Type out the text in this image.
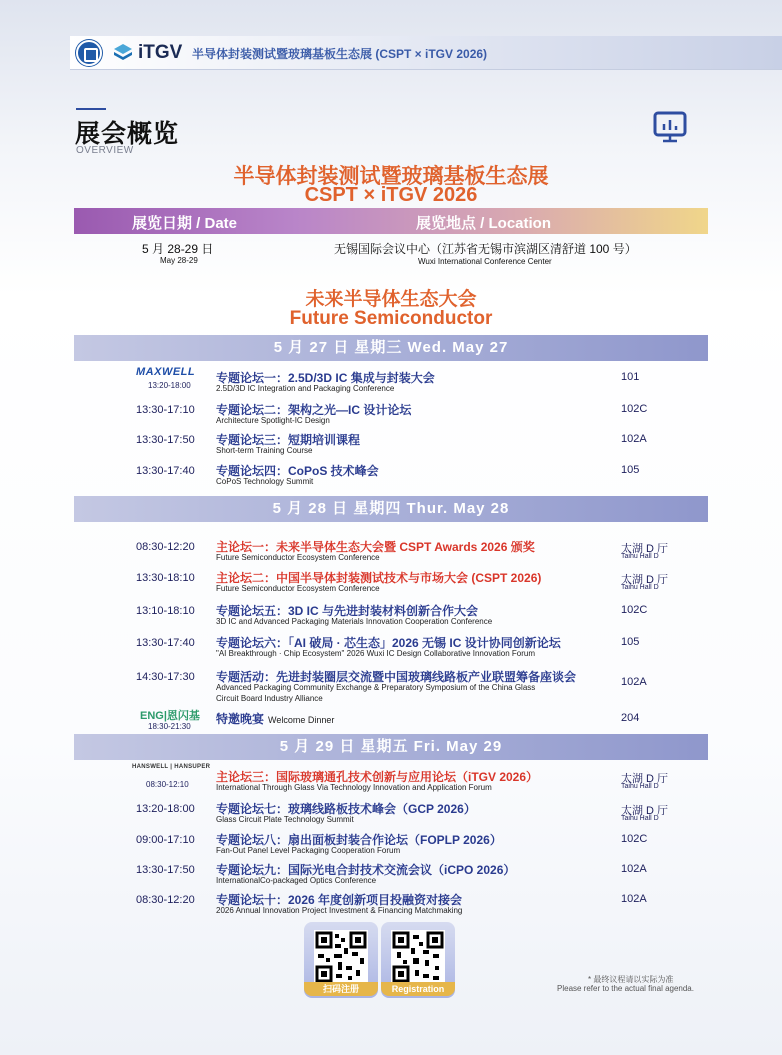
iTGV 半导体封装测试暨玻璃基板生态展 (CSPT × iTGV 2026)
展会概览
OVERVIEW
半导体封装测试暨玻璃基板生态展
CSPT × iTGV 2026
展览日期 / Date	展览地点 / Location
5 月 28-29 日
May 28-29
无锡国际会议中心（江苏省无锡市滨湖区清舒道 100 号）
Wuxi International Conference Center
未来半导体生态大会
Future Semiconductor
5 月 27 日 星期三 Wed. May 27
MAXWELL
13:20-18:00
专题论坛一：2.5D/3D IC 集成与封装大会
2.5D/3D IC Integration and Packaging Conference
101
13:30-17:10 专题论坛二：架构之光—IC 设计论坛
Architecture Spotlight-IC Design
102C
13:30-17:50 专题论坛三：短期培训课程
Short-term Training Course
102A
13:30-17:40 专题论坛四：CoPoS 技术峰会
CoPoS Technology Summit
105
5 月 28 日 星期四 Thur. May 28
08:30-12:20 主论坛一：未来半导体生态大会暨 CSPT Awards 2026 颁奖
Future Semiconductor Ecosystem Conference
太湖 D 厅
Taihu Hall D
13:30-18:10 主论坛二：中国半导体封装测试技术与市场大会 (CSPT 2026)
Future Semiconductor Ecosystem Conference
太湖 D 厅
Taihu Hall D
13:10-18:10 专题论坛五：3D IC 与先进封装材料创新合作大会
3D IC and Advanced Packaging Materials Innovation Cooperation Conference
102C
13:30-17:40 专题论坛六：「AI 破局 · 芯生态」2026 无锡 IC 设计协同创新论坛
"AI Breakthrough · Chip Ecosystem" 2026 Wuxi IC Design Collaborative Innovation Forum
105
14:30-17:30 专题活动：先进封装圈层交流暨中国玻璃线路板产业联盟筹备座谈会
Advanced Packaging Community Exchange & Preparatory Symposium of the China Glass
Circuit Board Industry Alliance
102A
ENG|恩闪基
18:30-21:30
特邀晚宴 Welcome Dinner	204
5 月 29 日 星期五 Fri. May 29
HANSWELL | HANSUPER
08:30-12:10
主论坛三：国际玻璃通孔技术创新与应用论坛（iTGV 2026）
International Through Glass Via Technology Innovation and Application Forum
太湖 D 厅
Taihu Hall D
13:20-18:00 专题论坛七：玻璃线路板技术峰会（GCP 2026）
Glass Circuit Plate Technology Summit
太湖 D 厅
Taihu Hall D
09:00-17:10 专题论坛八：扇出面板封装合作论坛（FOPLP 2026）
Fan-Out Panel Level Packaging Cooperation Forum
102C
13:30-17:50 专题论坛九：国际光电合封技术交流会议（iCPO 2026）
InternationalCo-packaged Optics Conference
102A
08:30-12:20 专题论坛十：2026 年度创新项目投融资对接会
2026 Annual Innovation Project Investment & Financing Matchmaking
102A
扫码注册	Registration
* 最终议程请以实际为准
Please refer to the actual final agenda.
